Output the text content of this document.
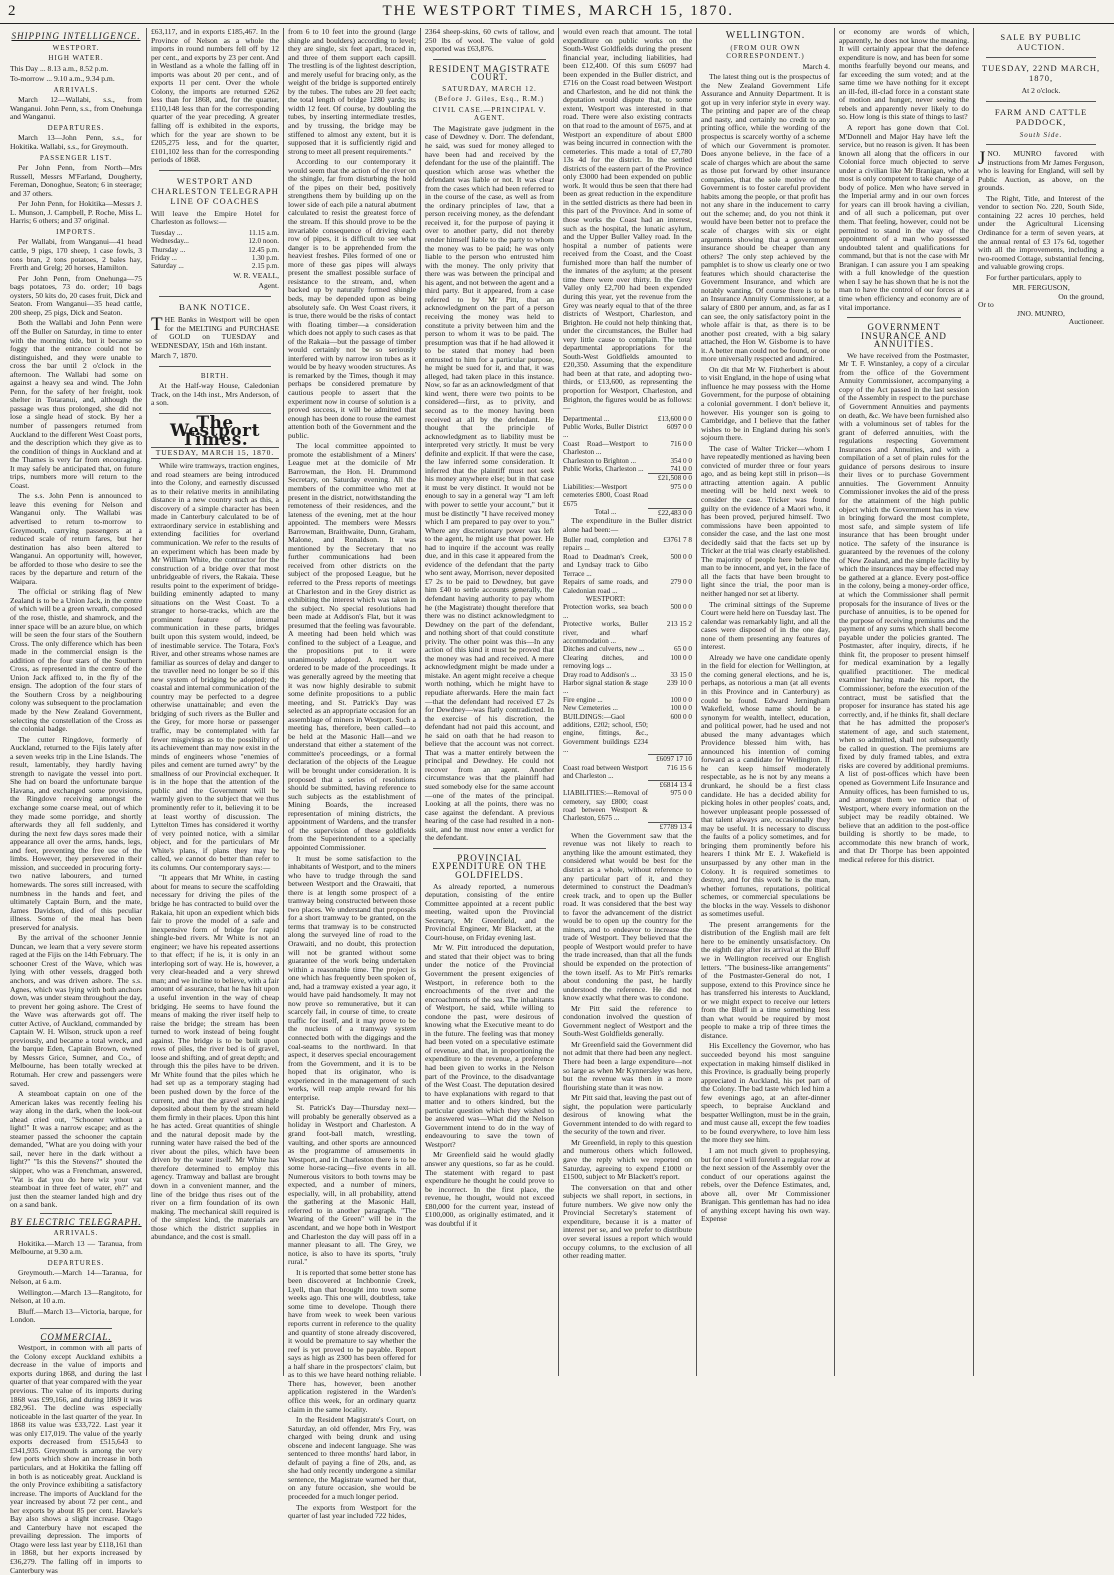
2	THE WESTPORT TIMES, MARCH 15, 1870.
SHIPPING INTELLIGENCE.
WESTPORT.
HIGH WATER.

This Day ... 8.13 a.m., 8.52 p.m.

To-morrow ... 9.10 a.m., 9.34 p.m.

ARRIVALS.

March 12—Wallabi, s.s., from Wanganui. John Penn, s.s., from Onehunga and Wanganui.

DEPARTURES.

March 13—John Penn, s.s., for Hokitika. Wallabi, s.s., for Greymouth.

PASSENGER LIST.

Per John Penn, from North—Mrs Russell, Messrs M'Farland, Dougherty, Fereman, Donoghue, Seaton; 6 in steerage; and 37 others.

Per John Penn, for Hokitika—Messrs J. L. Munson, J. Campbell, P. Roche, Miss L. Harris; 6 others; and 37 original.

IMPORTS.

Per Wallabi, from Wanganui—41 head cattle, 9 pigs, 170 sheep, 1 case fowls, 3 tons bran, 2 tons potatoes, 2 bales hay, Frerth and Grelg; 20 horses, Hamilton.

Per John Penn, from Onehunga—75 bags potatoes, 73 do. order; 10 bags oysters, 50 kits do, 20 cases fruit, Dick and Seaton. From Wanganui—35 head cattle, 200 sheep, 25 pigs, Dick and Seaton.

Both the Wallabi and John Penn were off the Buller on Saturday, in time to enter with the morning tide, but it became so foggy that the entrance could not be distinguished, and they were unable to cross the bar until 2 o'clock in the afternoon. The Wallabi had some on against a heavy sea and wind. The John Penn, for the safety of her freight, took shelter in Totaranui, and, although the passage was thus prolonged, she did not lose a single head of stock. By her a number of passengers returned from Auckland to the different West Coast ports, and the description which they give as to the condition of things in Auckland and at the Thames is very far from encouraging. It may safely be anticipated that, on future trips, numbers more will return to the Coast.

The s.s. John Penn is announced to leave this evening for Nelson and Wanganui only. The Wallabi was advertised to return to-morrow to Greymouth, carrying passengers at a reduced scale of return fares, but her destination has also been altered to Wanganui. An opportunity will, however, be afforded to those who desire to see the races by the departure and return of the Waipara.

The official or striking flag of New Zealand is to be a Union Jack, in the centre of which will be a green wreath, composed of the rose, thistle, and shamrock, and the inner space will be an azure blue, on which will be seen the four stars of the Southern Cross. The only difference which has been made in the commercial ensign is the addition of the four stars of the Southern Cross, as represented in the centre of the Union Jack affixed to, in the fly of the ensign. The adoption of the four stars of the Southern Cross by a neighbouring colony was subsequent to the proclamation made by the New Zealand Government, selecting the constellation of the Cross as the colonial badge.

The cutter Ringdove, formerly of Auckland, returned to the Fijis lately after a seven weeks trip in the Line Islands. The result, lamentably, they hardly having strength to navigate the vessel into port. She had on board the unfortunate barque Havana, and exchanged some provisions, the Ringdove receiving amongst the exchange some coarse meal, out of which they made some porridge, and shortly afterwards they all fell suddenly, and during the next few days sores made their appearance all over the arms, hands, legs, and feet, preventing the free use of the limbs. However, they persevered in their mission, and succeeded in procuring forty-two native labourers, and turned homewards. The sores still increased, with numbness in the hands and feet, and ultimately Captain Burn, and the mate, James Davidson, died of this peculiar illness. Some of the meal has been preserved for analysis.

By the arrival of the schooner Jennie Duncan, we learn that a very severe storm raged at the Fijis on the 14th February. The schooner Crest of the Wave, which was lying with other vessels, dragged both anchors, and was driven ashore. The s.s. Agnes, which was lying with both anchors down, was under steam throughout the day, to prevent her going ashore. The Crest of the Wave was afterwards got off. The cutter Active, of Auckland, commanded by Captain W. H. Wilson, struck upon a reef previously, and became a total wreck, and the barque Eden, Captain Brown, owned by Messrs Grice, Sumner, and Co., of Melbourne, has been totally wrecked at Rotumah. Her crew and passengers were saved.

A steamboat captain on one of the American lakes was recently feeling his way along in the dark, when the look-out ahead cried out, "Schooner without a light!" It was a narrow escape; and as the steamer passed the schooner the captain demanded, "What are you doing with your sail, never here in the dark without a light?" "Is this the Stevens?" shouted the skipper, who was a Frenchman, answered, "Vat is dat you do here wiz your vat steamboat in three feet of water, eh?" and just then the steamer landed high and dry on a sand bank.

BY ELECTRIC TELEGRAPH.
ARRIVALS.

Hokitika.—March 13 — Taranua, from Melbourne, at 9.30 a.m.

DEPARTURES.

Greymouth.—March 14—Taranua, for Nelson, at 6 a.m.

Wellington.—March 13—Rangitoto, for Nelson, at 10 a.m.

Bluff.—March 13—Victoria, barque, for London.

COMMERCIAL.

Westport, in common with all parts of the Colony except Auckland exhibits a decrease in the value of imports and exports during 1868, and during the last quarter of that year compared with the year previous. The value of its imports during 1868 was £99,166, and during 1869 it was £82,961. The decline was especially noticeable in the last quarter of the year. In 1868 its value was £33,722. Last year it was only £17,019. The value of the yearly exports decreased from £515,643 to £341,935. Greymouth is among the very few ports which show an increase in both particulars, and at Hokitika the falling off in both is as noticeably great. Auckland is the only Province exhibiting a satisfactory increase. The imports of Auckland for the year increased by about 72 per cent., and her exports by about 85 per cent. Hawke's Bay also shows a slight increase. Otago and Canterbury have not escaped the prevailing depression. The imports of Otago were less last year by £118,161 than in 1868, but her exports increased by £36,279. The falling off in imports to Canterbury was

£63,117, and in exports £185,467. In the Province of Nelson as a whole the imports in round numbers fell off by 12 per cent., and exports by 23 per cent. And in Westland as a whole the falling off in imports was about 20 per cent., and of exports 11 per cent. Over the whole Colony, the imports are returned £262 less than for 1868, and, for the quarter, £110,148 less than for the corresponding quarter of the year preceding. A greater falling off is exhibited in the exports, which for the year are shown to be £205,275 less, and for the quarter, £101,102 less than for the corresponding periods of 1868.

WESTPORT AND CHARLESTON TELEGRAPH LINE OF COACHES

Will leave the Empire Hotel for Charleston as follows:—

Tuesday ...	11.15 a.m.
Wednesday...	12.0 noon.
Thursday ...	12.45 p.m.
Friday ...	1.30 p.m.
Saturday ...	2.15 p.m.
W. R. VEALL,
Agent.
BANK NOTICE.

THE Banks in Westport will be open for the MELTING and PURCHASE of GOLD on TUESDAY and WEDNESDAY, 15th and 16th instant.

March 7, 1870.

BIRTH.

At the Half-way House, Caledonian Track, on the 14th inst., Mrs Anderson, of a son.

The Westport Times.
TUESDAY, MARCH 15, 1870.

While wire tramways, traction engines, and road steamers are being introduced into the Colony, and earnestly discussed as to their relative merits in annihilating distance in a new country such as this, a discovery of a simple character has been made in Canterbury calculated to be of extraordinary service in establishing and extending facilities for overland communication. We refer to the results of an experiment which has been made by Mr William White, the contractor for the construction of a bridge over that most unbridgeable of rivers, the Rakaia. These results point to the experiment of bridge-building eminently adapted to many situations on the West Coast. To a stranger to horse-tracks, which are the prominent feature of internal communication in these parts, bridges built upon this system would, indeed, be of inestimable service. The Totara, Fox's River, and other streams whose names are familiar as sources of delay and danger to the traveller need no longer be so if this new system of bridging be adopted; the coastal and internal communication of the country may be perfected to a degree otherwise unattainable; and even the bridging of such rivers as the Buller and the Grey, for more horse or passenger traffic, may be contemplated with far fewer misgivings as to the possibility of its achievement than may now exist in the minds of engineers whose "enemies of piles and cement are turned awry" by the smallness of our Provincial exchequer. It is in the hope that the attention of the public and the Government will be warmly given to the subject that we thus prominently refer to it, believing it to be at least worthy of discussion. The Lyttelton Times has considered it worthy of very pointed notice, with a similar object, and for the particulars of Mr White's plans, if plans they may be called, we cannot do better than refer to its columns. Our contemporary says:—

"It appears that Mr White, in casting about for means to secure the scaffolding necessary for driving the piles of the bridge he has contracted to build over the Rakaia, hit upon an expedient which bids fair to prove the model of a safe and inexpensive form of bridge for rapid shingle-bed rivers. Mr White is not an engineer; we have his repeated assertions to that effect; if he is, it is only in an interloping sort of way. He is, however, a very clear-headed and a very shrewd man; and we incline to believe, with a fair amount of assurance, that he has hit upon a useful invention in the way of cheap bridging. He seems to have found the means of making the river itself help to raise the bridge; the stream has been turned to work instead of being fought against. The bridge is to be built upon rows of piles, the river bed is of gravel, loose and shifting, and of great depth; and through this the piles have to be driven. Mr White found that the piles which he had set up as a temporary staging had been pushed down by the force of the current, and that the gravel and shingle deposited about them by the stream held them firmly in their places. Upon this hint he has acted. Great quantities of shingle and the natural deposit made by the running water have raised the bed of the river about the piles, which have been driven by the water itself. Mr White has therefore determined to employ this agency. Tramway and ballast are brought down in a convenient manner, and the line of the bridge thus rises out of the river on a firm foundation of its own making. The mechanical skill required is of the simplest kind, the materials are those which the district supplies in abundance, and the cost is small.

from 6 to 10 feet into the ground (large shingle and boulders) according to level; they are single, six feet apart, braced in, and three of them support each capsill. The trestling is of the lightest description, and merely useful for bracing only, as the weight of the bridge is supported entirely by the tubes. The tubes are 20 feet each; the total length of bridge 1280 yards; its width 12 feet. Of course, by doubling the tubes, by inserting intermediate trestles, and by trussing, the bridge may be stiffened to almost any extent, but it is supposed that it is sufficiently rigid and strong to meet all present requirements."

According to our contemporary it would seem that the action of the river on the shingle, far from disturbing the hold of the pipes on their bed, positively strengthens them by building up on the lower side of each pile a natural abutment calculated to resist the greatest force of the stream. If this should prove to be the invariable consequence of driving each row of pipes, it is difficult to see what danger is to be apprehended from the heaviest freshes. Piles formed of one or more of these gas pipes will always present the smallest possible surface of resistance to the stream, and, when backed up by naturally formed shingle beds, may be depended upon as being absolutely safe. On West Coast rivers, it is true, there would be the risks of contact with floating timber—a consideration which does not apply to such cases as that of the Rakaia—but the passage of timber would certainly not be so seriously interfered with by narrow iron tubes as it would be by heavy wooden structures. As is remarked by the Times, though it may perhaps be considered premature by cautious people to assert that the experiment now in course of solution is a proved success, it will be admitted that enough has been done to rouse the earnest attention both of the Government and the public.

The local committee appointed to promote the establishment of a Miners' League met at the domicile of Mr Barrowman, the Hon. H. Drummond Secretary, on Saturday evening. All the members of the committee who met at present in the district, notwithstanding the remoteness of their residences, and the lateness of the evening, met at the hour appointed. The members were Messrs Barrowman, Braithwaite, Dunn, Graham, Malone, and Ronaldson. It was mentioned by the Secretary that no further communications had been received from other districts on the subject of the proposed League, but he referred to the Press reports of meetings at Charleston and in the Grey district as exhibiting the interest which was taken in the subject. No special resolutions had been made at Addison's Flat, but it was presumed that the feeling was favourable. A meeting had been held which was confined to the subject of a League, and the propositions put to it were unanimously adopted. A report was ordered to be made of the proceedings. It was generally agreed by the meeting that it was now highly desirable to submit some definite propositions to a public meeting, and St. Patrick's Day was selected as an appropriate occasion for an assemblage of miners in Westport. Such a meeting has, therefore, been called—to be held at the Masonic Hall—and we understand that either a statement of the committee's proceedings, or a formal declaration of the objects of the League will be brought under consideration. It is proposed that a series of resolutions should be submitted, having reference to such subjects as the establishment of Mining Boards, the increased representation of mining districts, the appointment of Wardens, and the transfer of the supervision of these goldfields from the Superintendent to a specially appointed Commissioner.

It must be some satisfaction to the inhabitants of Westport, and to the miners who have to trudge through the sand between Westport and the Orawaiti, that there is at length some prospect of a tramway being constructed between those two places. We understand that proposals for a short tramway to be granted, on the terms that tramway is to be constructed along the surveyed line of road to the Orawaiti, and no doubt, this protection will not be granted without some guarantee of the work being undertaken within a reasonable time. The project is one which has frequently been spoken of, and, had a tramway existed a year ago, it would have paid handsomely. It may not now prove so remunerative, but it can scarcely fail, in course of time, to create traffic for itself, and it may prove to be the nucleus of a tramway system connected both with the diggings and the coal-seams to the northward. In that aspect, it deserves special encouragement from the Government, and it is to be hoped that its originator, who is experienced in the management of such works, will reap ample reward for his enterprise.

St. Patrick's Day—Thursday next—will probably be generally observed as a holiday in Westport and Charleston. A grand foot-ball match, wrestling, vaulting, and other sports are announced as the programme of amusements in Westport, and in Charleston there is to be some horse-racing—five events in all. Numerous visitors to both towns may be expected, and a number of miners, especially, will, in all probability, attend the gathering at the Masonic Hall, referred to in another paragraph. "The Wearing of the Green" will be in the ascendant, and we hope both in Westport and Charleston the day will pass off in a manner pleasant to all. The Grey, we notice, is also to have its sports, "truly rural."

It is reported that some better stone has been discovered at Inchbonnie Creek, Lyell, than that brought into town some weeks ago. This one will, doubtless, take some time to develope. Though there have from week to week been various reports current in reference to the quality and quantity of stone already discovered, it would be premature to say whether the reef is yet proved to be payable. Report says as high as 2300 has been offered for a half share in the prospectors' claim, but as to this we have heard nothing reliable. There has, however, been another application registered in the Warden's office this week, for an ordinary quartz claim in the same locality.

In the Resident Magistrate's Court, on Saturday, an old offender, Mrs Fry, was charged with being drunk and using obscene and indecent language. She was sentenced to three months' hard labor, in default of paying a fine of 20s, and, as she had only recently undergone a similar sentence, the Magistrate warned her that, on any future occasion, she would be proceeded for a much longer period.

The exports from Westport for the quarter of last year included 722 hides,

2364 sheep-skins, 60 cwts of tallow, and 250 lbs of wool. The value of gold exported was £63,876.

RESIDENT MAGISTRATE COURT.
SATURDAY, MARCH 12.
(Before J. Giles, Esq., R.M.)
CIVIL CASE.—PRINCIPAL V. AGENT.

The Magistrate gave judgment in the case of Dewdney v. Dorr. The defendant, he said, was sued for money alleged to have been had and received by the defendant for the use of the plaintiff. The question which arose was whether the defendant was liable or not. It was clear from the cases which had been referred to in the course of the case, as well as from the ordinary principles of law, that a person receiving money, as the defendant received it, for the purpose of paying it over to another party, did not thereby render himself liable to the party to whom the money was to be paid; he was only liable to the person who entrusted him with the money. The only privity that there was was between the principal and his agent, and not between the agent and a third party. But it appeared, from a case referred to by Mr Pitt, that an acknowledgment on the part of a person receiving the money was held to constitute a privity between him and the person to whom it was to be paid. The presumption was that if he had allowed it to be stated that money had been entrusted to him for a particular purpose, he might be sued for it, and that, it was alleged, had taken place in this instance. Now, so far as an acknowledgment of that kind went, there were two points to be considered—first, as to privity, and second as to the money having been received at all by the defendant. He thought that the principle of acknowledgment as to liability must be interpreted very strictly. It must be very definite and explicit. If that were the case, the law inferred some consideration. It inferred that the plaintiff must not seek his money anywhere else; but in that case it must be very distinct. It would not be enough to say in a general way "I am left with power to settle your account," but it must be distinctly "I have received money which I am prepared to pay over to you." Where any discretionary power was left to the agent, he might use that power. He had to inquire if the account was really due, and in this case it appeared from the evidence of the defendant that the party who sent away, Morrison, never deposited £7 2s to be paid to Dewdney, but gave him £40 to settle accounts generally, the defendant having authority to pay whom he (the Magistrate) thought therefore that there was no distinct acknowledgment to Dewdney on the part of the defendant, and nothing short of that could constitute privity. The other point was this—In any action of this kind it must be proved that the money was had and received. A mere acknowledgment might be made under a mistake. An agent might receive a cheque worth nothing, which he might have to repudiate afterwards. Here the main fact—that the defendant had received £7 2s for Dewdney—was flatly contradicted. In the exercise of his discretion, the defendant had not paid this account, and he said on oath that he had reason to believe that the account was not correct. That was a matter entirely between the principal and Dewdney. He could not recover from an agent. Another circumstance was that the plaintiff had sued somebody else for the same account—one of the mates of the principal. Looking at all the points, there was no case against the defendant. A previous hearing of the case had resulted in a non-suit, and he must now enter a verdict for the defendant.

PROVINCIAL EXPENDITURE ON THE GOLDFIELDS.

As already reported, a numerous deputation, consisting of the entire Committee appointed at a recent public meeting, waited upon the Provincial Secretary, Mr Greenfield, and the Provincial Engineer, Mr Blackett, at the Court-house, on Friday evening last.

Mr W. Pitt introduced the deputation, and stated that their object was to bring under the notice of the Provincial Government the present exigencies of Westport, in reference both to the encroachments of the river and the encroachments of the sea. The inhabitants of Westport, he said, while willing to condone the past, were desirous of knowing what the Executive meant to do in the future. The feeling was that money had been voted on a speculative estimate of revenue, and that, in proportioning the expenditure to the revenue, a preference had been given to works in the Nelson part of the Province, to the disadvantage of the West Coast. The deputation desired to have explanations with regard to that matter and to others kindred, but the particular question which they wished to be answered was—What did the Nelson Government intend to do in the way of endeavouring to save the town of Westport?

Mr Greenfield said he would gladly answer any questions, so far as he could. The statement with regard to past expenditure he thought he could prove to be incorrect. In the first place, the revenue, he thought, would not exceed £80,000 for the current year, instead of £100,000, as originally estimated, and it was doubtful if it

would even reach that amount. The total expenditure on public works on the South-West Goldfields during the present financial year, including liabilities, had been £12,400. Of this sum £6097 had been expended in the Buller district, and £716 on the Coast road between Westport and Charleston, and he did not think the deputation would dispute that, to some extent, Westport was interested in that road. There were also existing contracts on that road to the amount of £675, and at Westport an expenditure of about £800 was being incurred in connection with the cemeteries. This made a total of £7,780 13s 4d for the district. In the settled districts of the eastern part of the Province only £3000 had been expended on public work. It would thus be seen that there had been as great reduction in the expenditure in the settled districts as there had been in this part of the Province. And in some of those works the Coast had an interest, such as the hospital, the lunatic asylum, and the Upper Buller Valley road. In the hospital a number of patients were received from the Coast, and the Coast furnished more than half the number of the inmates of the asylum; at the present time there were over thirty. In the Grey Valley only £2,700 had been expended during this year, yet the revenue from the Grey was nearly equal to that of the three districts of Westport, Charleston, and Brighton. He could not help thinking that, under the circumstances, the Buller had very little cause to complain. The total departmental appropriations for the South-West Goldfields amounted to £20,350. Assuming that the expenditure had been at that rate, and adopting two-thirds, or £13,600, as representing the proportion for Westport, Charleston, and Brighton, the figures would be as follows:—

Departmental ...	£13,600 0 0
Public Works, Buller District ...	6097 0 0
Coast Road—Westport to Charleston ...	716 0 0
Charleston to Brighton ...	354 0 0
Public Works, Charleston ...	741 0 0
	£21,508 0 0
Liabilities:—Westport cemeteries £800, Coast Road £675	975 0 0
Total ...	£22,483 0 0

The expenditure in the Buller district alone had been:—

Buller road, completion and repairs ...	£3761 7 8
Road to Deadman's Creek, and Lyndsay track to Gibo Terrace ...	500 0 0
Repairs of same roads, and Caledonian road ...	279 0 0
WESTPORT:	
Protection works, sea beach ...	500 0 0
Protective works, Buller river, and wharf accommodation ...	213 15 2
Ditches and culverts, new ...	65 0 0
Clearing ditches, and removing logs ...	100 0 0
Dray road to Addison's ...	33 15 0
Harbor signal station & stage ...	239 10 0
Fire engine ...	100 0 0
New Cemeteries ...	100 0 0
BUILDINGS:—Gaol additions, £202; school, £50; engine, fittings, &c., Government buildings £234 ...	600 0 0
	£6097 17 10
Coast road between Westport and Charleston ...	716 15 6
	£6814 13 4
LIABILITIES:—Removal of cemetery, say £800; coast road between Westport & Charleston, £675 ...	975 0 0
	£7789 13 4

When the Government saw that the revenue was not likely to reach to anything like the amount estimated, they considered what would be best for the district as a whole, without reference to any particular part of it, and they determined to construct the Deadman's creek track, and to open up the Buller road. It was considered that the best way to favor the advancement of the district would be to open up the country for the miners, and to endeavor to increase the trade of Westport. They believed that the people of Westport would prefer to have the trade increased, than that all the funds should be expended on the protection of the town itself. As to Mr Pitt's remarks about condoning the past, he hardly understood the reference. He did not know exactly what there was to condone.

Mr Pitt said the reference to condonation involved the question of Government neglect of Westport and the South-West Goldfields generally.

Mr Greenfield said the Government did not admit that there had been any neglect. There had been a large expenditure—not so large as when Mr Kynnersley was here, but the revenue was then in a more flourishing state than it was now.

Mr Pitt said that, leaving the past out of sight, the population were particularly desirous of knowing what the Government intended to do with regard to the security of the town and river.

Mr Greenfield, in reply to this question and numerous others which followed, gave the reply which we reported on Saturday, agreeing to expend £1000 or £1500, subject to Mr Blackett's report.

The conversation on that and other subjects we shall report, in sections, in future numbers. We give now only the Provincial Secretary's statement of expenditure, because it is a matter of interest per se, and we prefer to distribute over several issues a report which would occupy columns, to the exclusion of all other reading matter.

WELLINGTON.
(FROM OUR OWN CORRESPONDENT.)
March 4.

The latest thing out is the prospectus of the New Zealand Government Life Assurance and Annuity Department. It is got up in very inferior style in every way. The printing and paper are of the cheap and nasty, and certainly no credit to any printing office, while the wording of the prospectus is scarcely worthy of a scheme of which our Government is promoter. Does anyone believe, in the face of a scale of charges which are about the same as those put forward by other insurance companies, that the sole motive of the Government is to foster careful provident habits among the people, or that profit has not any share in the inducement to carry out the scheme; and, do you not think it would have been better not to preface the scale of charges with six or eight arguments showing that a government insurance should be cheaper than any others? The only step achieved by the pamphlet is to show us clearly one or two features which should characterise the Government Insurance, and which are notably wanting. Of course there is to be an Insurance Annuity Commissioner, at a salary of £800 per annum, and, as far as I can see, the only satisfactory point in the whole affair is that, as there is to be another post created, with a big salary attached, the Hon W. Gisborne is to have it. A better man could not be found, or one more universally respected and admired.

On dit that Mr W. Fitzherbert is about to visit England, in the hope of using what influence he may possess with the Home Government, for the purpose of obtaining a colonial government. I don't believe it, however. His younger son is going to Cambridge, and I believe that the father wishes to be in England during his son's sojourn there.

The case of Walter Tricker—whom I have repeatedly mentioned as having been convicted of murder three or four years ago, and as being kept still in prison—is attracting attention again. A public meeting will be held next week to consider the case. Tricker was found guilty on the evidence of a Maori who, it has been proved, perjured himself. Two commissions have been appointed to consider the case, and the last one most decidedly said that the facts set up by Tricker at the trial was clearly established. The majority of people here believe the man to be innocent, and yet, in the face of all the facts that have been brought to light since the trial, the poor man is neither hanged nor set at liberty.

The criminal sittings of the Supreme Court were held here on Tuesday last. The calendar was remarkably light, and all the cases were disposed of in the one day, none of them presenting any features of interest.

Already we have one candidate openly in the field for election for Wellington, at the coming general elections, and he is, perhaps, as notorious a man (at all events in this Province and in Canterbury) as could be found. Edward Jerningham Wakefield, whose name should be a synonym for wealth, intellect, education, and political power, had he used and not abused the many advantages which Providence blessed him with, has announced his intention of coming forward as a candidate for Wellington. If he can keep himself moderately respectable, as he is not by any means a drunkard, he should be a first class candidate. He has a decided ability for picking holes in other peoples' coats, and, however unpleasant people possessed of that talent always are, occasionally they may be useful. It is necessary to discuss the faults of a policy sometimes, and for bringing them prominently before his hearers I think Mr E. J. Wakefield is unsurpassed by any other man in the Colony. It is required sometimes to destroy, and for this work he is the man, whether fortunes, reputations, political schemes, or commercial speculations be the blocks in the way. Vessels to dishonor as sometimes useful.

The present arrangements for the distribution of the English mail are felt here to be eminently unsatisfactory. On the eighth day after its arrival at the Bluff we in Wellington received our English letters. "The business-like arrangements" of the Postmaster-General do not, I suppose, extend to this Province since he has transferred his interests to Auckland, or we might expect to receive our letters from the Bluff in a time something less than what would be required by most people to make a trip of three times the distance.

His Excellency the Governor, who has succeeded beyond his most sanguine expectation in making himself disliked in this Province, is gradually being properly appreciated in Auckland, his pet part of the Colony. The bad taste which led him a few evenings ago, at an after-dinner speech, to bepraise Auckland and bespatter Wellington, must be in the grain, and must cause all, except the few toadies to be found everywhere, to love him less the more they see him.

I am not much given to prophesying, but for once I will foretell a regular row at the next session of the Assembly over the conduct of our operations against the rebels, over the Defence Estimates, and, above all, over Mr Commissioner Branigan. This gentleman has had no idea of anything except having his own way. Expense

or economy are words of which, apparently, he does not know the meaning. It will certainly appear that the defence expenditure is now, and has been for some months fearfully beyond our means, and far exceeding the sum voted; and at the same time we have nothing for it except an ill-fed, ill-clad force in a constant state of motion and hunger, never seeing the rebels and apparently never likely to do so. How long is this state of things to last?

A report has gone down that Col. M'Donnell and Major Hay have left the service, but no reason is given. It has been known all along that the officers in our Colonial force much objected to serve under a civilian like Mr Branigan, who at most is only competent to take charge of a body of police. Men who have served in the Imperial army and in our own forces for years can ill brook having a civilian, and of all such a policeman, put over them. That feeling, however, could not be permitted to stand in the way of the appointment of a man who possessed undoubted talent and qualifications for command, but that is not the case with Mr Branigan. I can assure you I am speaking with a full knowledge of the question when I say he has shown that he is not the man to have the control of our forces at a time when efficiency and economy are of vital importance.

GOVERNMENT INSURANCE AND ANNUITIES.

We have received from the Postmaster, Mr T. F. Winstanley, a copy of a circular from the office of the Government Annuity Commissioner, accompanying a copy of the Act passed in the last session of the Assembly in respect to the purchase of Government Annuities and payments on death, &c. We have been furnished also with a voluminous set of tables for the grant of deferred annuities, with the regulations respecting Government Insurances and Annuities, and with a compilation of a set of plain rules for the guidance of persons desirous to insure their lives or to purchase Government annuities. The Government Annuity Commissioner invokes the aid of the press for the attainment of the high public object which the Government has in view in bringing forward the most complete, most safe, and simple system of life insurance that has been brought under notice. The safety of the insurance is guaranteed by the revenues of the colony of New Zealand, and the simple facility by which the insurances may be effected may be gathered at a glance. Every post-office in the colony, being a money-order office, at which the Commissioner shall permit proposals for the insurance of lives or the purchase of annuities, is to be opened for the purpose of receiving premiums and the payment of any sums which shall become payable under the policies granted. The Postmaster, after inquiry, directs, if he think fit, the proposer to present himself for medical examination by a legally qualified practitioner. The medical examiner having made his report, the Commissioner, before the execution of the contract, must be satisfied that the proposer for insurance has stated his age correctly, and, if he thinks fit, shall declare that he has admitted the proposer's statement of age, and such statement, when so admitted, shall not subsequently be called in question. The premiums are fixed by duly framed tables, and extra risks are covered by additional premiums. A list of post-offices which have been opened as Government Life Insurance and Annuity offices, has been furnished to us, and amongst them we notice that of Westport, where every information on the subject may be readily obtained. We believe that an addition to the post-office building is shortly to be made, to accommodate this new branch of work, and that Dr Thorpe has been appointed medical referee for this district.

SALE BY PUBLIC AUCTION.
TUESDAY, 22ND MARCH, 1870,
At 2 o'clock.
FARM AND CATTLE PADDOCK,
South Side.

JNO. MUNRO favored with instructions from Mr James Ferguson, who is leaving for England, will sell by Public Auction, as above, on the grounds.

The Right, Title, and Interest of the vendor to section No. 220, South Side, containing 22 acres 10 perches, held under the Agricultural Licensing Ordinance for a term of seven years, at the annual rental of £3 17s 6d, together with all the improvements, including a two-roomed Cottage, substantial fencing, and valuable growing crops.

For further particulars, apply to

MR. FERGUSON,
On the ground,
Or to
JNO. MUNRO,
Auctioneer.
